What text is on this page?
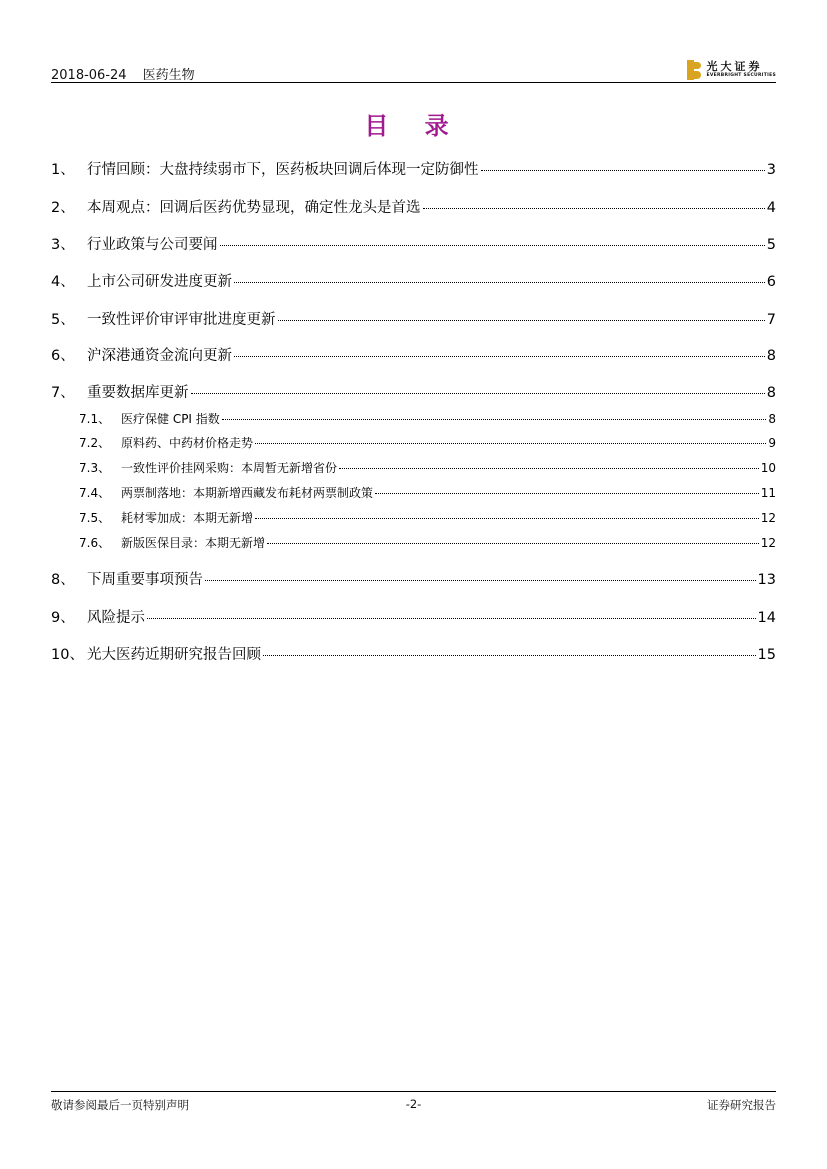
2018-06-24 医药生物
光大证券
EVERBRIGHT SECURITIES
目 录
1、 行情回顾：大盘持续弱市下，医药板块回调后体现一定防御性	3
2、 本周观点：回调后医药优势显现，确定性龙头是首选	4
3、 行业政策与公司要闻	5
4、 上市公司研发进度更新	6
5、 一致性评价审评审批进度更新	7
6、 沪深港通资金流向更新	8
7、 重要数据库更新	8
7.1、 医疗保健 CPI 指数	8
7.2、 原料药、中药材价格走势	9
7.3、 一致性评价挂网采购：本周暂无新增省份	10
7.4、 两票制落地：本期新增西藏发布耗材两票制政策	11
7.5、 耗材零加成：本期无新增	12
7.6、 新版医保目录：本期无新增	12
8、 下周重要事项预告	13
9、 风险提示	14
10、 光大医药近期研究报告回顾	15
敬请参阅最后一页特别声明	-2-	证券研究报告
